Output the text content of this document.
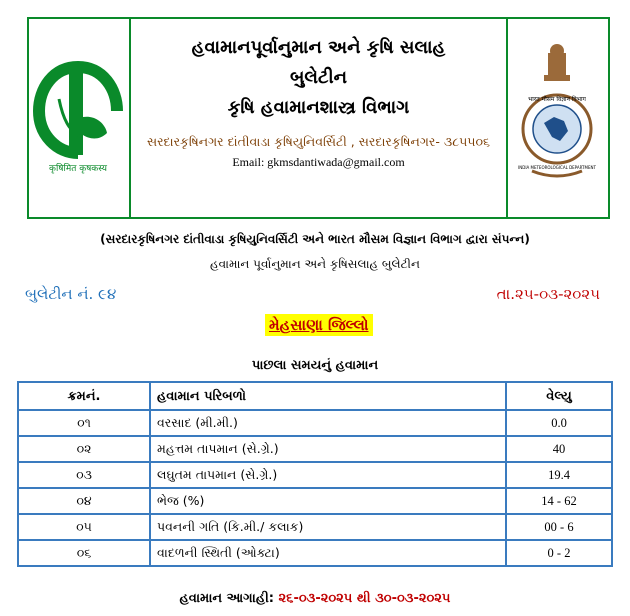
कृषिमित कृषकस्य
હવામાનપૂર્વાનુમાન અને કૃષિ સલાહ
બુલેટીન
કૃષિ હવામાનશાસ્ત્ર વિભાગ
સરદારકૃષિનગર દાંતીવાડા કૃષિયુનિવર્સિટી , સરદારકૃષિનગર- ૩૮૫૫૦૬
Email: gkmsdantiwada@gmail.com
भारत मौसम विज्ञान विभाग
INDIA METEOROLOGICAL DEPARTMENT
(સરદારકૃષિનગર દાંતીવાડા કૃષિયુનિવર્સિટી અને ભારત મૌસમ વિજ્ઞાન વિભાગ દ્વારા સંપન્ન)
હવામાન પૂર્વાનુમાન અને કૃષિસલાહ બુલેટીન
બુલેટીન નં. ૯૪	તા.૨૫-૦૩-૨૦૨૫
મેહસાણા જિલ્લો
પાછલા સમયનું હવામાન
ક્રમનં.	હવામાન પરિબળો	વેલ્યુ
૦૧	વરસાદ (મી.મી.)	0.0
૦૨	મહત્તમ તાપમાન (સે.ગ્રે.)	40
૦૩	લઘુતમ તાપમાન (સે.ગ્રે.)	19.4
૦૪	ભેજ (%)	14 - 62
૦૫	પવનની ગતિ (કિ.મી./ કલાક)	00 - 6
૦૬	વાદળની સ્થિતી (ઓક્ટા)	0 - 2
હવામાન આગાહી: ૨૬-૦૩-૨૦૨૫ થી ૩૦-૦૩-૨૦૨૫
